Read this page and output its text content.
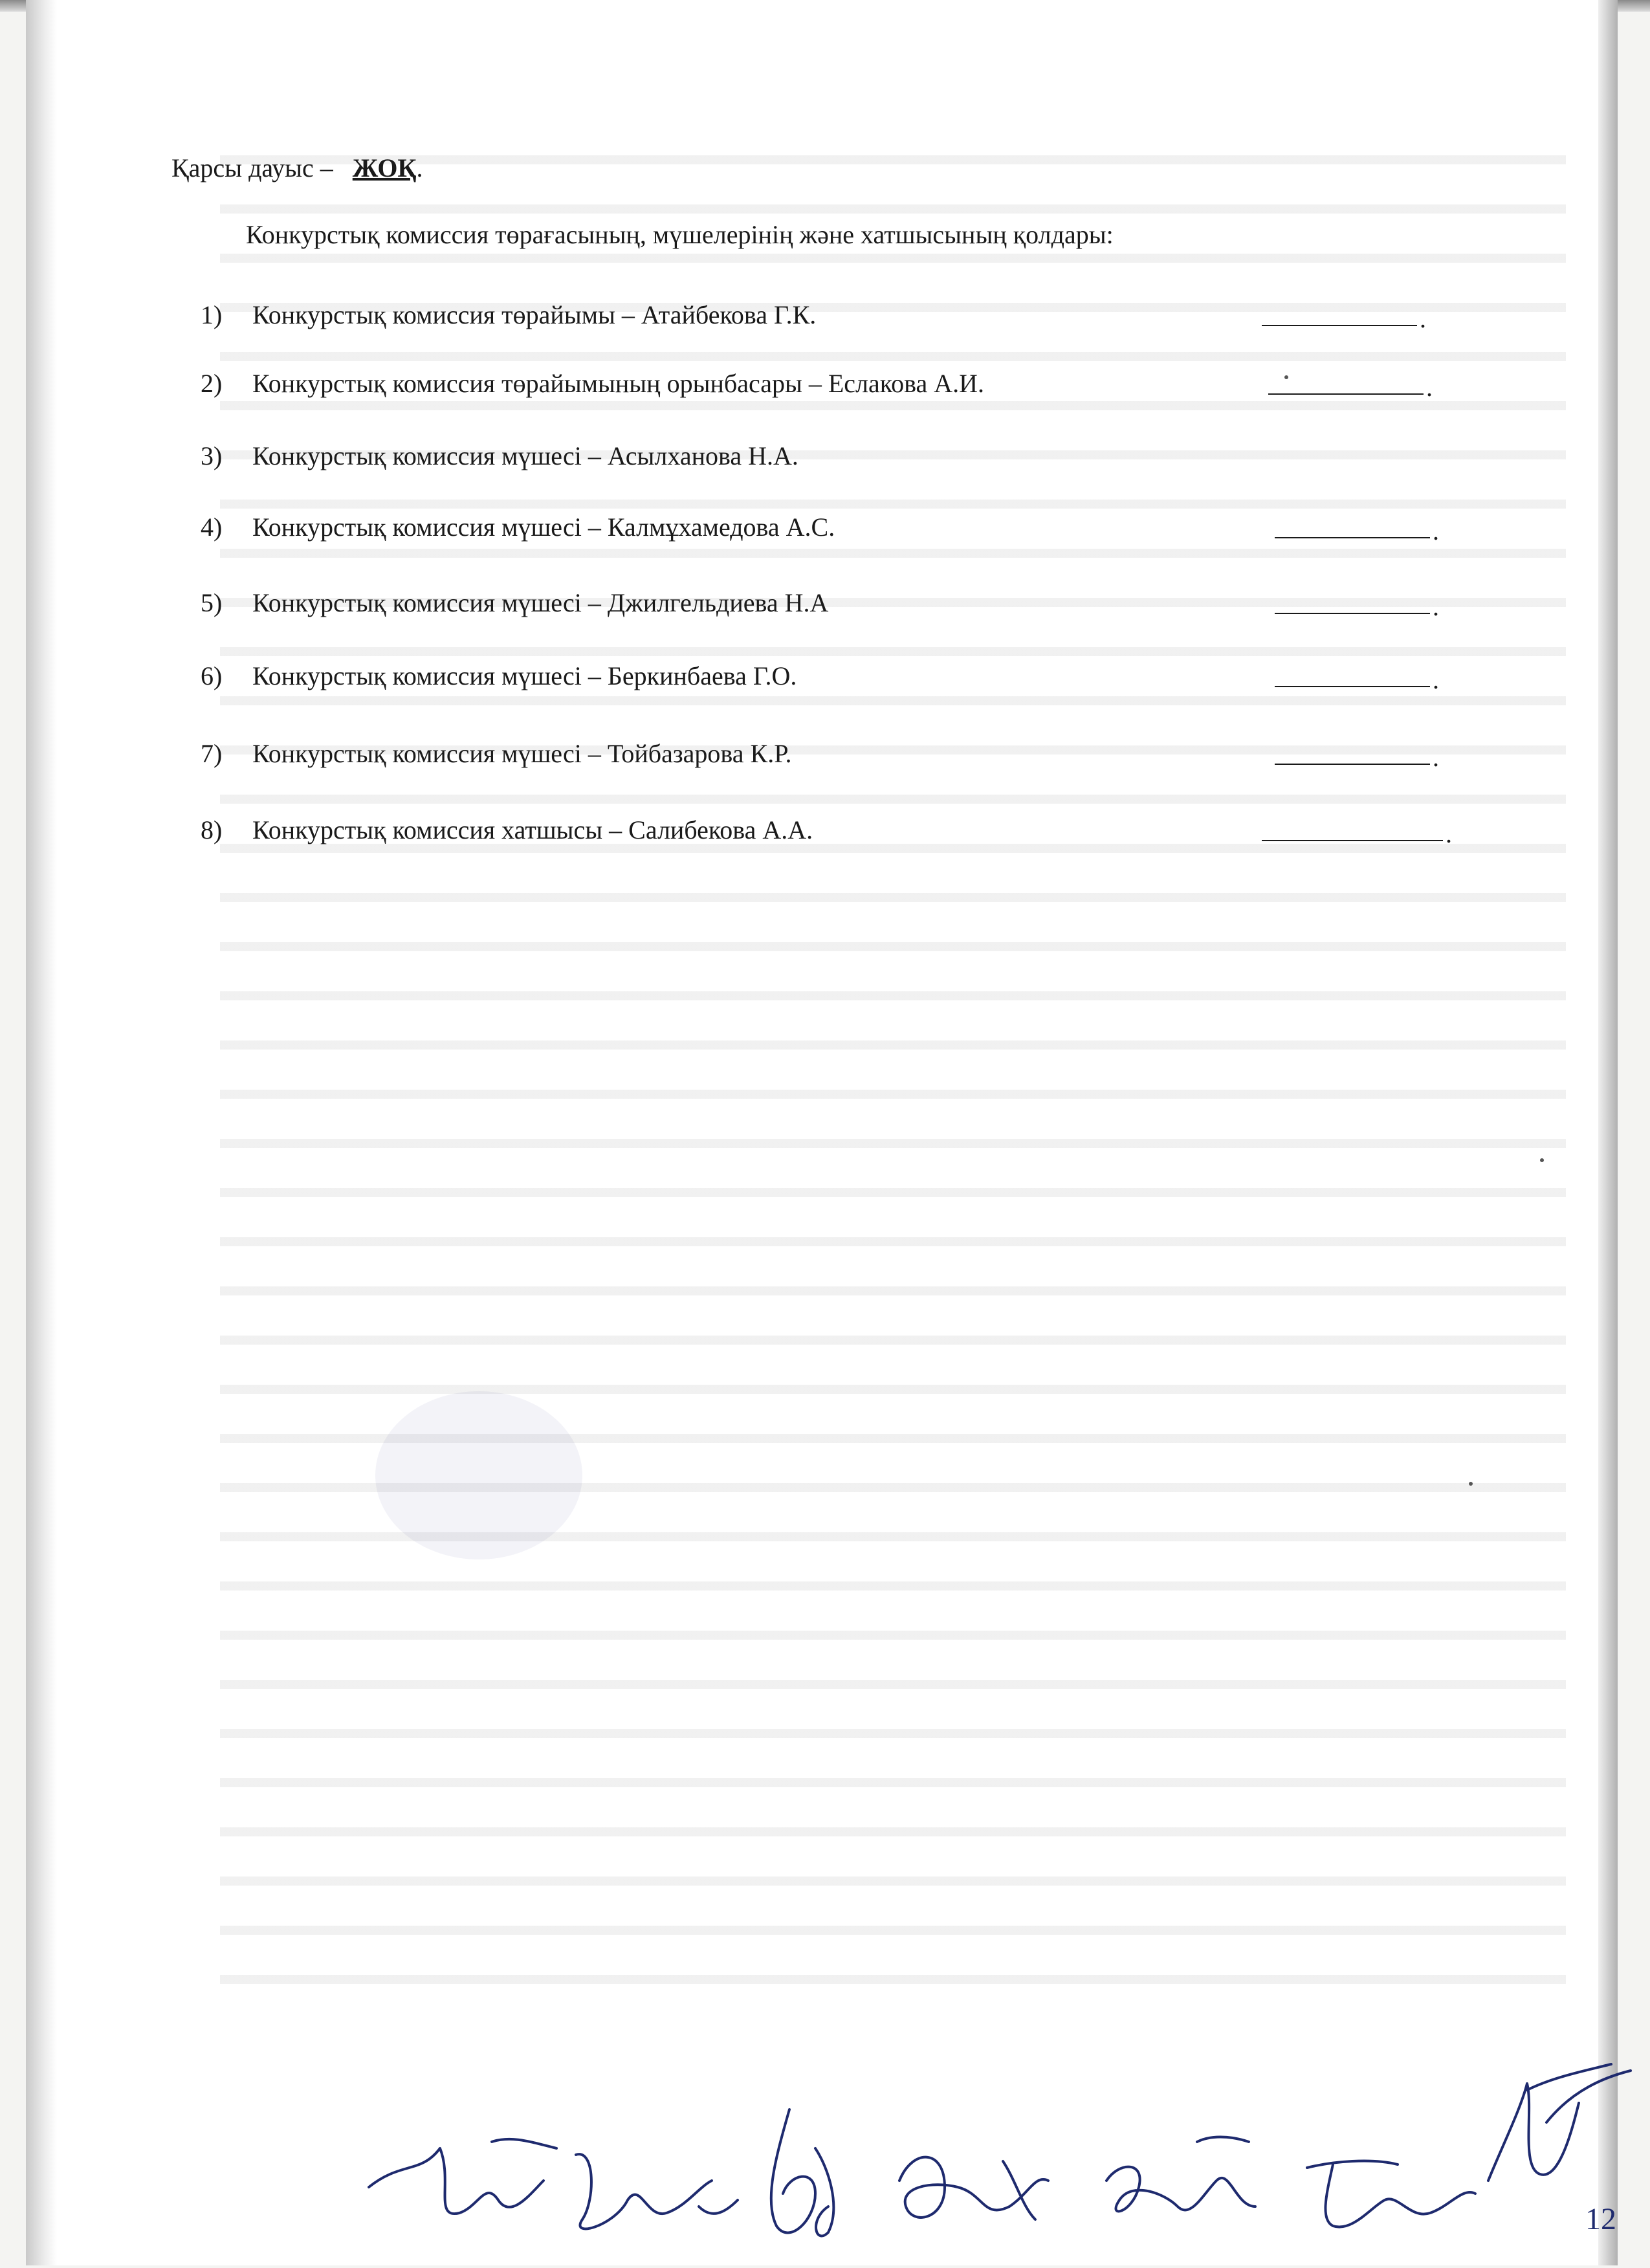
Қарсы дауыс – ЖОҚ.
Конкурстық комиссия төрағасының, мүшелерінің және хатшысының қолдары:
1) Конкурстық комиссия төрайымы – Атайбекова Г.К.	.
2) Конкурстық комиссия төрайымының орынбасары – Еслакова А.И.	.
3) Конкурстық комиссия мүшесі – Асылханова Н.А.
4) Конкурстық комиссия мүшесі – Калмұхамедова А.С.	.
5) Конкурстық комиссия мүшесі – Джилгельдиева Н.А	.
6) Конкурстық комиссия мүшесі – Беркинбаева Г.О.	.
7) Конкурстық комиссия мүшесі – Тойбазарова К.Р.	.
8) Конкурстық комиссия хатшысы – Салибекова А.А.	.
12
